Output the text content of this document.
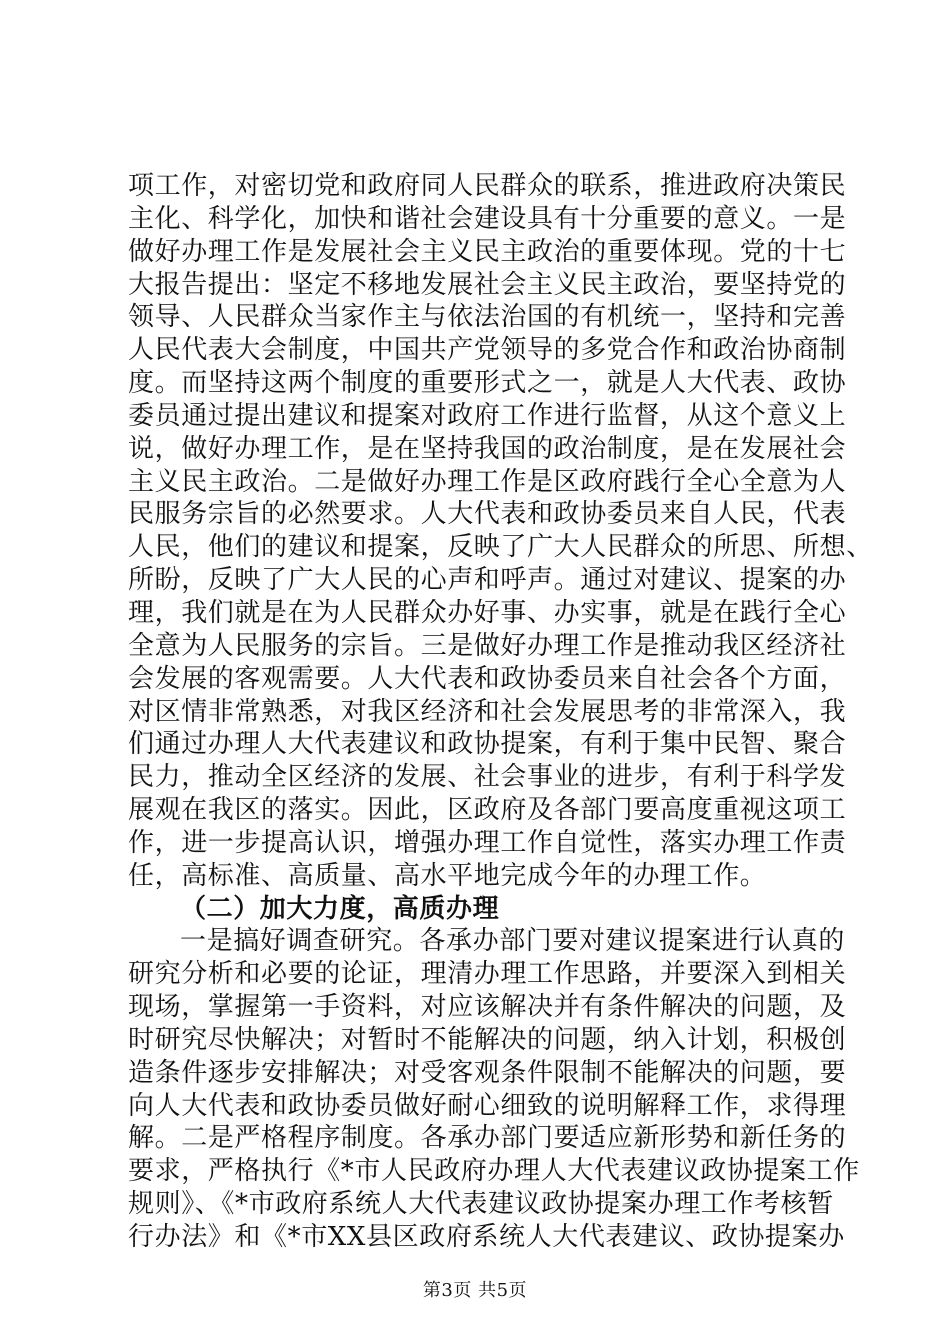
项工作，对密切党和政府同人民群众的联系，推进政府决策民
主化、科学化，加快和谐社会建设具有十分重要的意义。一是
做好办理工作是发展社会主义民主政治的重要体现。党的十七
大报告提出：坚定不移地发展社会主义民主政治，要坚持党的
领导、人民群众当家作主与依法治国的有机统一，坚持和完善
人民代表大会制度，中国共产党领导的多党合作和政治协商制
度。而坚持这两个制度的重要形式之一，就是人大代表、政协
委员通过提出建议和提案对政府工作进行监督，从这个意义上
说，做好办理工作，是在坚持我国的政治制度，是在发展社会
主义民主政治。二是做好办理工作是区政府践行全心全意为人
民服务宗旨的必然要求。人大代表和政协委员来自人民，代表
人民，他们的建议和提案，反映了广大人民群众的所思、所想、
所盼，反映了广大人民的心声和呼声。通过对建议、提案的办
理，我们就是在为人民群众办好事、办实事，就是在践行全心
全意为人民服务的宗旨。三是做好办理工作是推动我区经济社
会发展的客观需要。人大代表和政协委员来自社会各个方面，
对区情非常熟悉，对我区经济和社会发展思考的非常深入，我
们通过办理人大代表建议和政协提案，有利于集中民智、聚合
民力，推动全区经济的发展、社会事业的进步，有利于科学发
展观在我区的落实。因此，区政府及各部门要高度重视这项工
作，进一步提高认识，增强办理工作自觉性，落实办理工作责
任，高标准、高质量、高水平地完成今年的办理工作。
（二）加大力度，高质办理
一是搞好调查研究。各承办部门要对建议提案进行认真的
研究分析和必要的论证，理清办理工作思路，并要深入到相关
现场，掌握第一手资料，对应该解决并有条件解决的问题，及
时研究尽快解决；对暂时不能解决的问题，纳入计划，积极创
造条件逐步安排解决；对受客观条件限制不能解决的问题，要
向人大代表和政协委员做好耐心细致的说明解释工作，求得理
解。二是严格程序制度。各承办部门要适应新形势和新任务的
要求，严格执行《*市人民政府办理人大代表建议政协提案工作
规则》、《*市政府系统人大代表建议政协提案办理工作考核暂
行办法》和《*市XX县区政府系统人大代表建议、政协提案办
第3页 共5页
